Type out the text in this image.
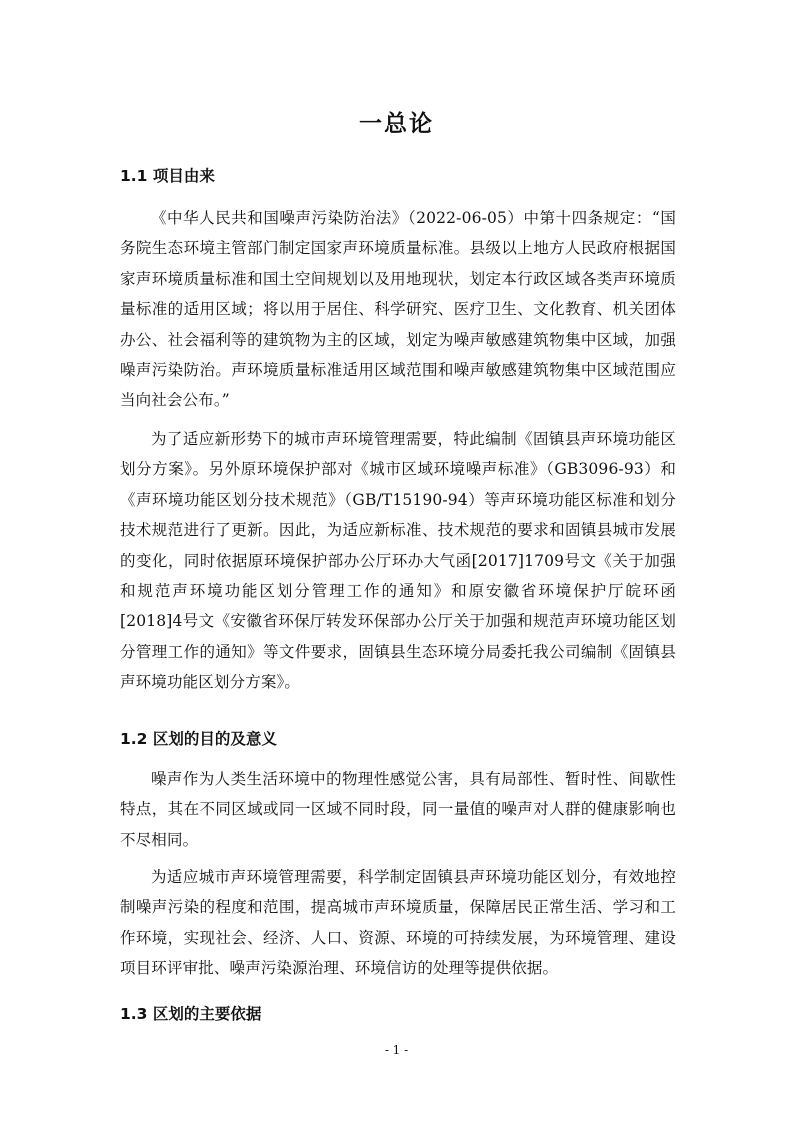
一总论
1.1 项目由来
《中华人民共和国噪声污染防治法》（2022-06-05）中第十四条规定：“国务院生态环境主管部门制定国家声环境质量标准。县级以上地方人民政府根据国家声环境质量标准和国土空间规划以及用地现状，划定本行政区域各类声环境质量标准的适用区域；将以用于居住、科学研究、医疗卫生、文化教育、机关团体办公、社会福利等的建筑物为主的区域，划定为噪声敏感建筑物集中区域，加强噪声污染防治。声环境质量标准适用区域范围和噪声敏感建筑物集中区域范围应当向社会公布。”
为了适应新形势下的城市声环境管理需要，特此编制《固镇县声环境功能区划分方案》。另外原环境保护部对《城市区域环境噪声标准》（GB3096-93）和《声环境功能区划分技术规范》（GB/T15190-94）等声环境功能区标准和划分技术规范进行了更新。因此，为适应新标准、技术规范的要求和固镇县城市发展的变化，同时依据原环境保护部办公厅环办大气函[2017]1709号文《关于加强和规范声环境功能区划分管理工作的通知》和原安徽省环境保护厅皖环函[2018]4号文《安徽省环保厅转发环保部办公厅关于加强和规范声环境功能区划分管理工作的通知》等文件要求，固镇县生态环境分局委托我公司编制《固镇县声环境功能区划分方案》。
1.2 区划的目的及意义
噪声作为人类生活环境中的物理性感觉公害，具有局部性、暂时性、间歇性特点，其在不同区域或同一区域不同时段，同一量值的噪声对人群的健康影响也不尽相同。
为适应城市声环境管理需要，科学制定固镇县声环境功能区划分，有效地控制噪声污染的程度和范围，提高城市声环境质量，保障居民正常生活、学习和工作环境，实现社会、经济、人口、资源、环境的可持续发展，为环境管理、建设项目环评审批、噪声污染源治理、环境信访的处理等提供依据。
1.3 区划的主要依据
- 1 -
